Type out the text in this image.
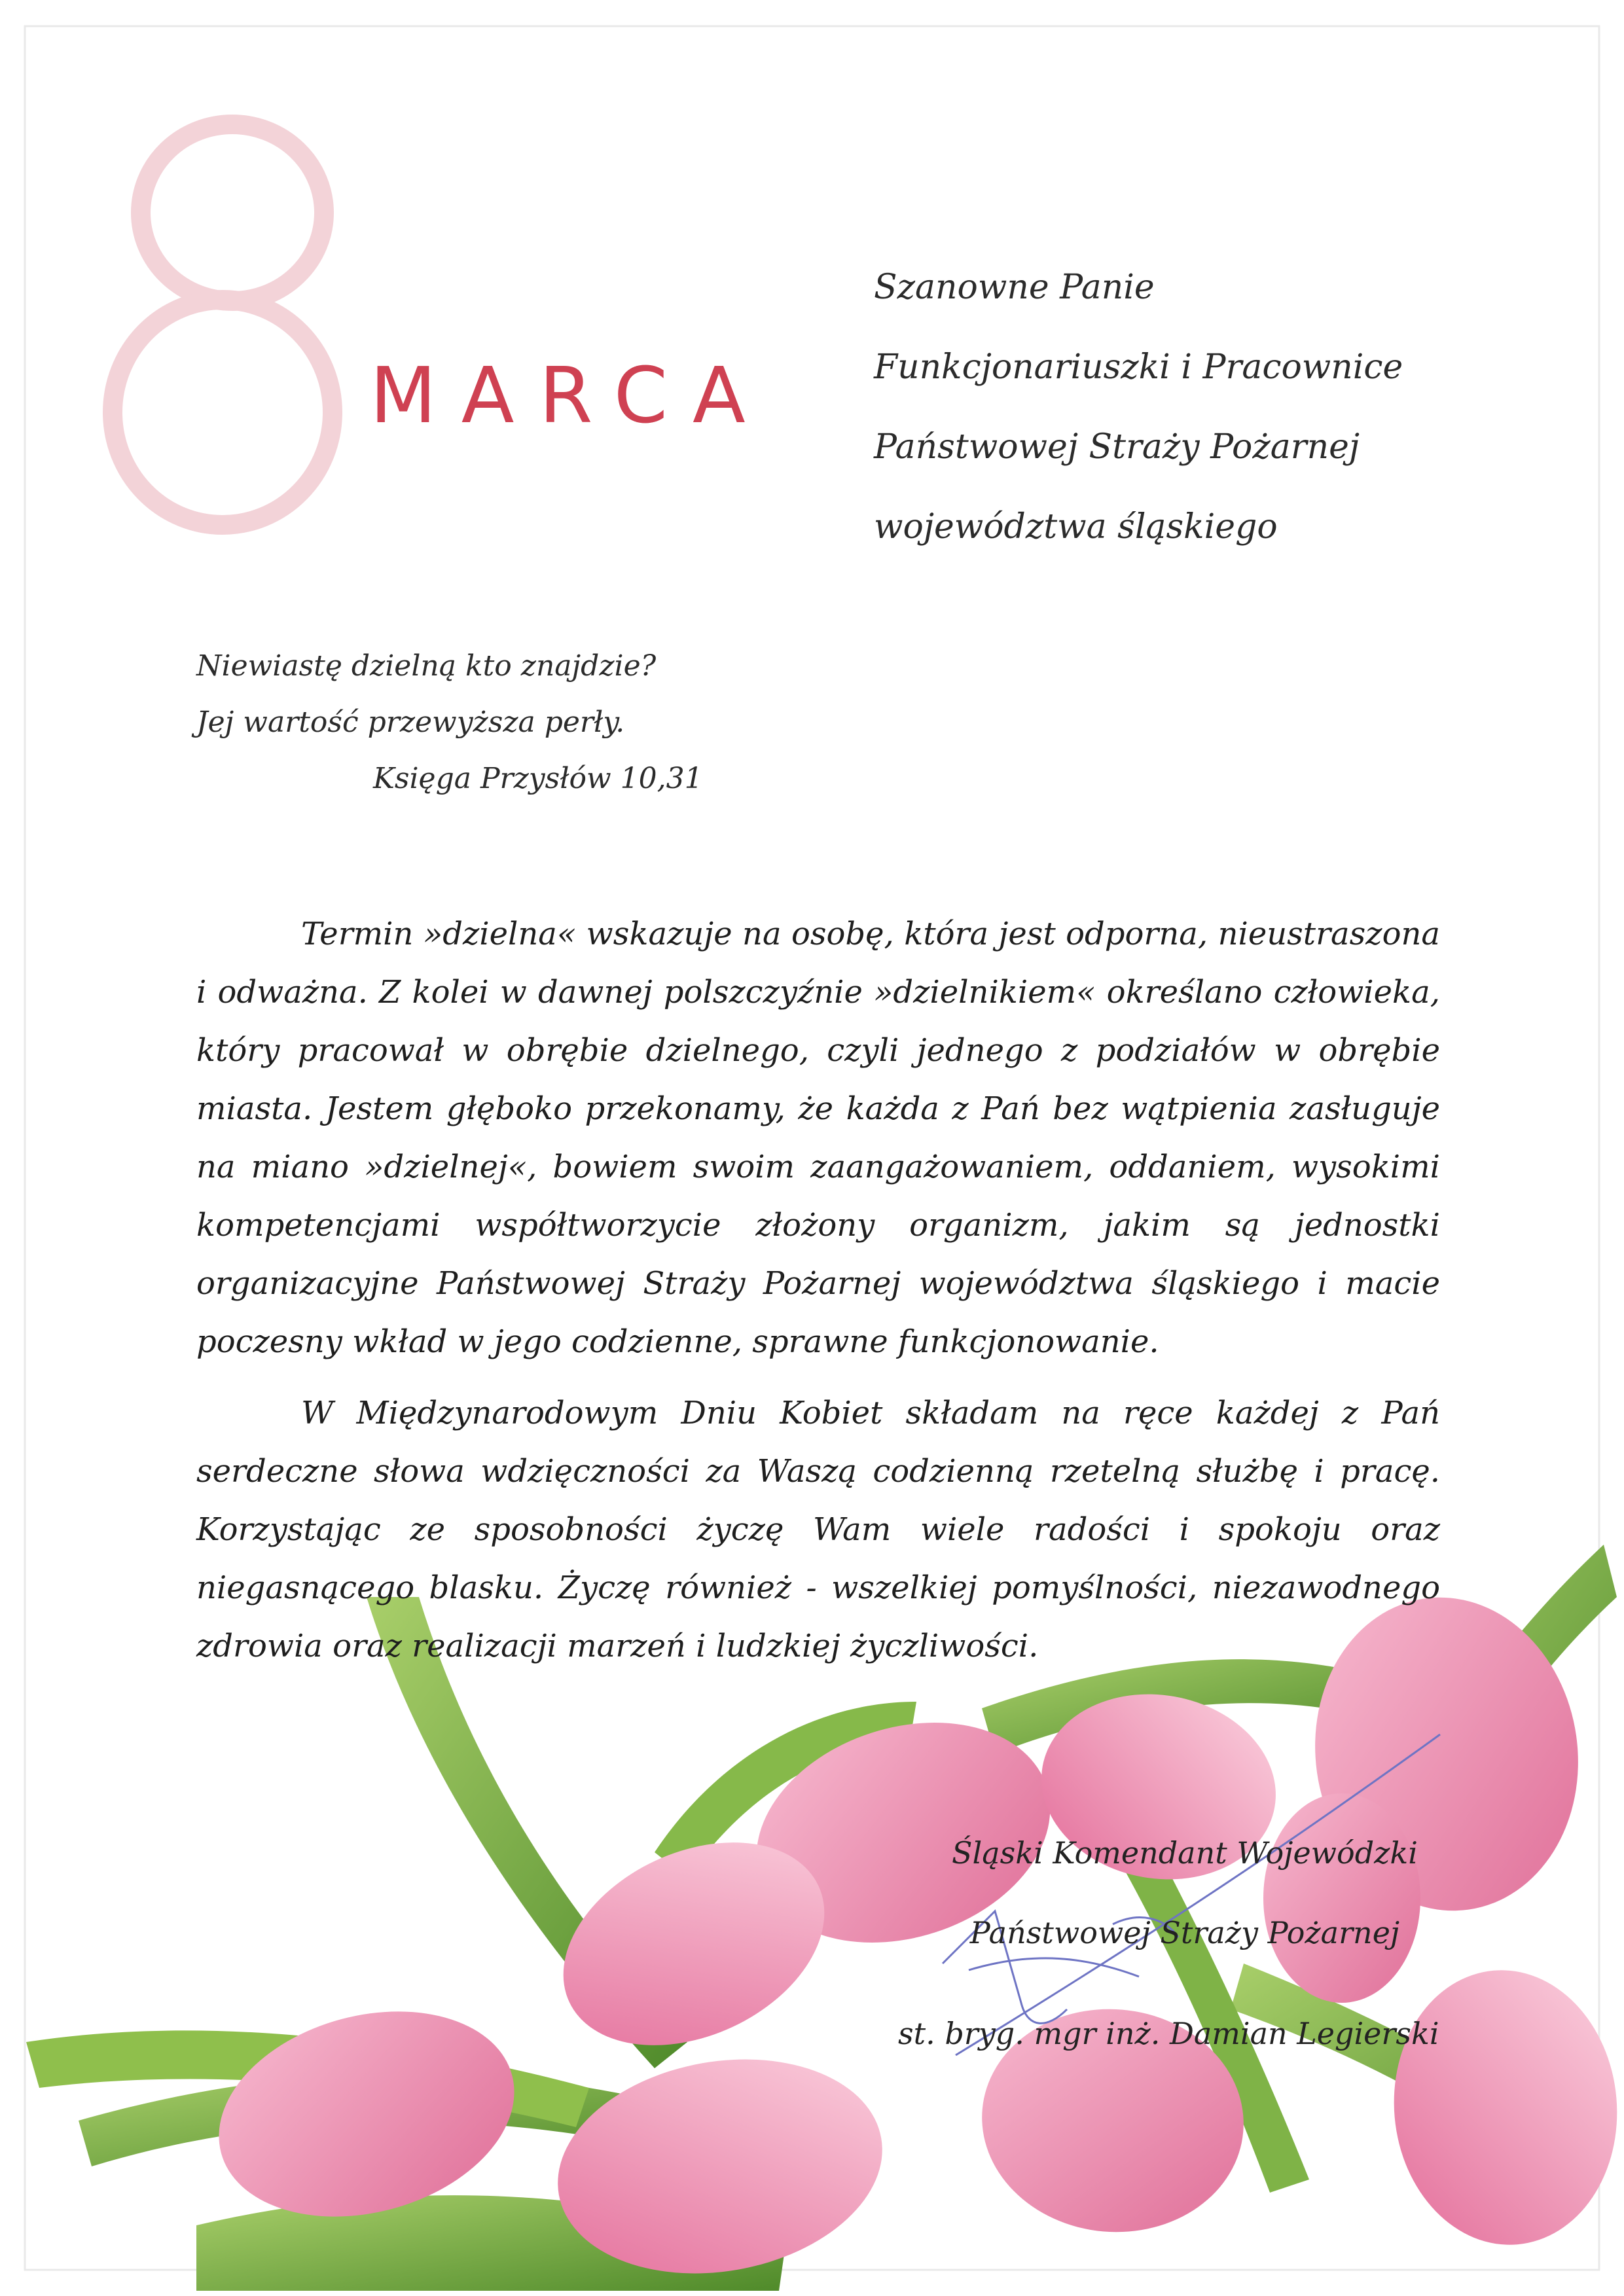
MARCA
Szanowne Panie
Funkcjonariuszki i Pracownice
Państwowej Straży Pożarnej
województwa śląskiego
Niewiastę dzielną kto znajdzie?
Jej wartość przewyższa perły.
Księga Przysłów 10,31

Termin »dzielna« wskazuje na osobę, która jest odporna, nieustraszona i odważna. Z kolei w dawnej polszczyźnie »dzielnikiem« określano człowieka, który pracował w obrębie dzielnego, czyli jednego z podziałów w obrębie miasta. Jestem głęboko przekonamy, że każda z Pań bez wątpienia zasługuje na miano »dzielnej«, bowiem swoim zaangażowaniem, oddaniem, wysokimi kompetencjami współtworzycie złożony organizm, jakim są jednostki organizacyjne Państwowej Straży Pożarnej województwa śląskiego i macie poczesny wkład w jego codzienne, sprawne funkcjonowanie.

W Międzynarodowym Dniu Kobiet składam na ręce każdej z Pań serdeczne słowa wdzięczności za Waszą codzienną rzetelną służbę i pracę. Korzystając ze sposobności życzę Wam wiele radości i spokoju oraz niegasnącego blasku. Życzę również - wszelkiej pomyślności, niezawodnego zdrowia oraz realizacji marzeń i ludzkiej życzliwości.

Śląski Komendant Wojewódzki
Państwowej Straży Pożarnej
st. bryg. mgr inż. Damian Legierski
